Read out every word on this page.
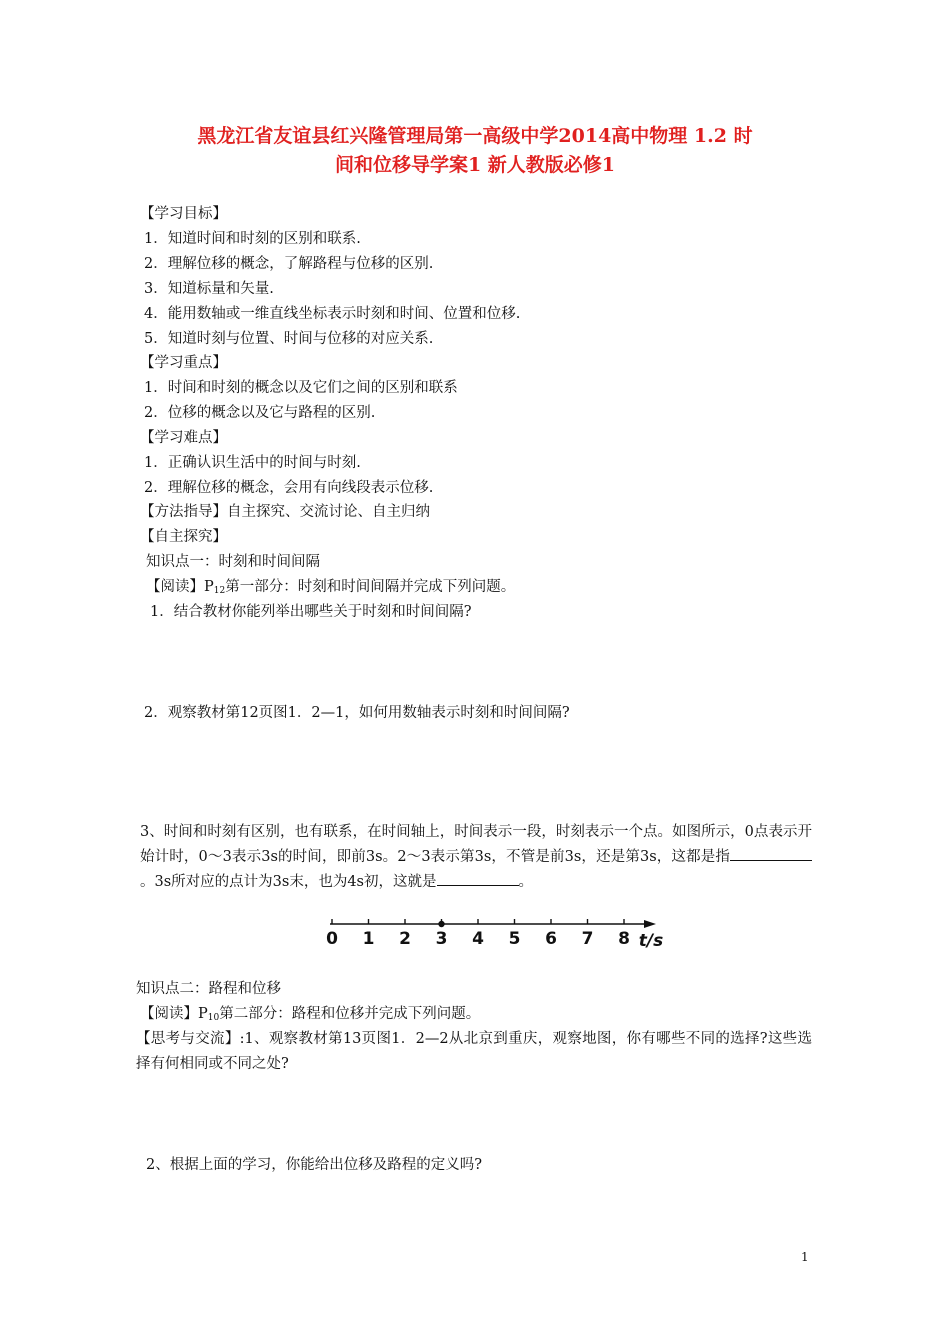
黑龙江省友谊县红兴隆管理局第一高级中学2014高中物理 1.2 时
间和位移导学案1 新人教版必修1
【学习目标】
1．知道时间和时刻的区别和联系.
2．理解位移的概念，了解路程与位移的区别.
3．知道标量和矢量.
4．能用数轴或一维直线坐标表示时刻和时间、位置和位移.
5．知道时刻与位置、时间与位移的对应关系.
【学习重点】
1．时间和时刻的概念以及它们之间的区别和联系
2．位移的概念以及它与路程的区别.
【学习难点】
1．正确认识生活中的时间与时刻.
2．理解位移的概念，会用有向线段表示位移.
【方法指导】自主探究、交流讨论、自主归纳
【自主探究】
知识点一：时刻和时间间隔
【阅读】$P_{12}$第一部分：时刻和时间间隔并完成下列问题。
1．结合教材你能列举出哪些关于时刻和时间间隔?
2．观察教材第12页图1．2—1，如何用数轴表示时刻和时间间隔?
3、时间和时刻有区别，也有联系，在时间轴上，时间表示一段，时刻表示一个点。如图所示，0点表示开始计时，0～3表示3s的时间，即前3s。2～3表示第3s，不管是前3s，还是第3s，这都是指。3s所对应的点计为3s末，也为4s初，这就是	。
0 1 2 3 4 5 6 7 8 t/s
知识点二：路程和位移
【阅读】$P_{10}$第二部分：路程和位移并完成下列问题。
【思考与交流】:1、观察教材第13页图1．2—2从北京到重庆，观察地图，你有哪些不同的选择?这些选择有何相同或不同之处?
2、根据上面的学习，你能给出位移及路程的定义吗?
1
